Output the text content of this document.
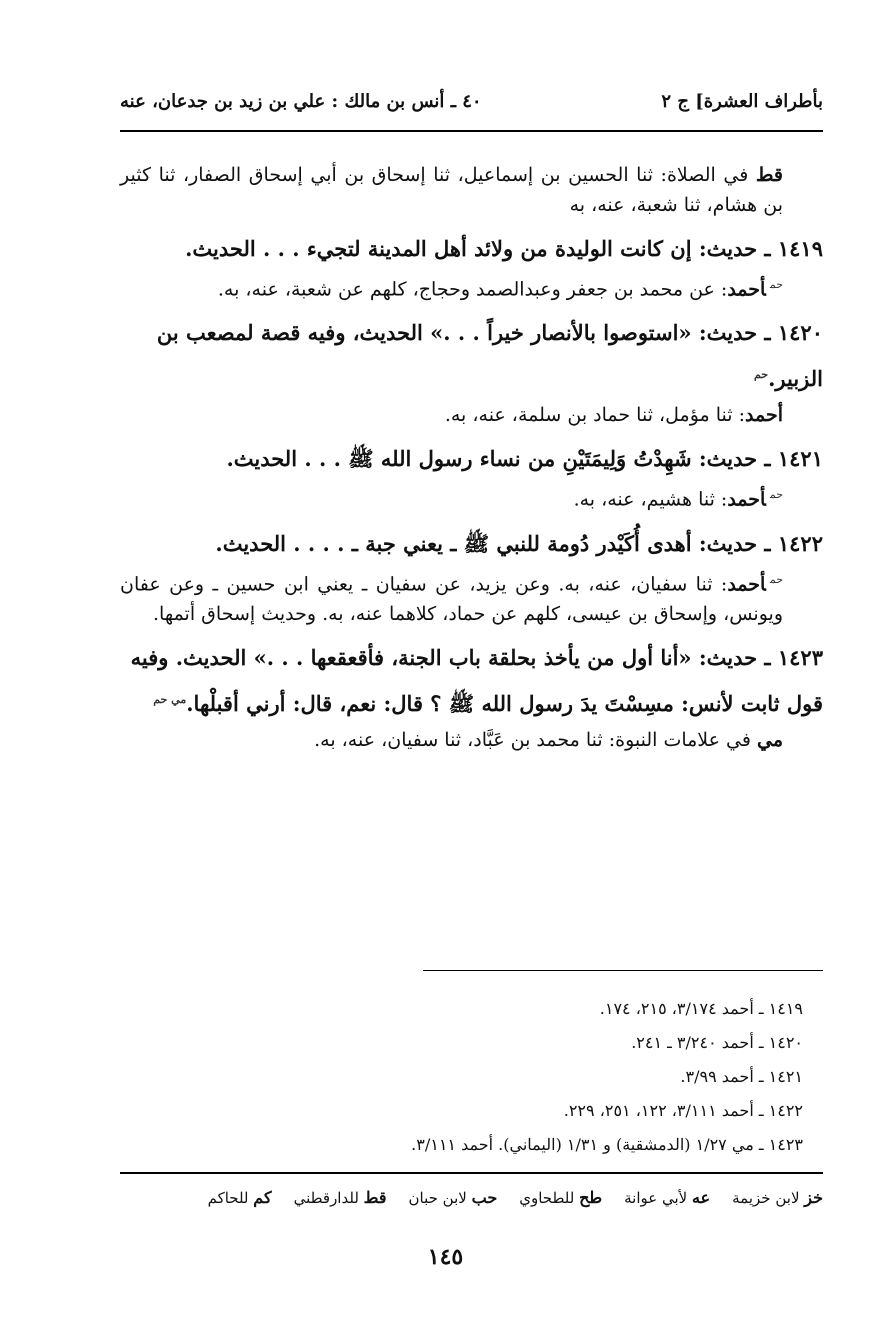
بأطراف العشرة] ج ٢
٤٠ ـ أنس بن مالك : علي بن زيد بن جدعان، عنه

قط في الصلاة: ثنا الحسين بن إسماعيل، ثنا إسحاق بن أبي إسحاق الصفار، ثنا كثير بن هشام، ثنا شعبة، عنه، به

١٤١٩ ـ حديث: إن كانت الوليدة من ولائد أهل المدينة لتجيء . . . الحديث.

$^{حم}$أحمد: عن محمد بن جعفر وعبدالصمد وحجاج، كلهم عن شعبة، عنه، به.

١٤٢٠ ـ حديث: «استوصوا بالأنصار خيراً . . .» الحديث، وفيه قصة لمصعب بن الزبير.$^{حم}$

أحمد: ثنا مؤمل، ثنا حماد بن سلمة، عنه، به.

١٤٢١ ـ حديث: شَهِدْتُ وَلِيمَتَيْنِ من نساء رسول الله ﷺ . . . الحديث.

$^{حم}$أحمد: ثنا هشيم، عنه، به.

١٤٢٢ ـ حديث: أهدى أُكَيْدر دُومة للنبي ﷺ ـ يعني جبة ـ . . . . الحديث.

$^{حم}$أحمد: ثنا سفيان، عنه، به. وعن يزيد، عن سفيان ـ يعني ابن حسين ـ وعن عفان ويونس، وإسحاق بن عيسى، كلهم عن حماد، كلاهما عنه، به. وحديث إسحاق أتمها.

١٤٢٣ ـ حديث: «أنا أول من يأخذ بحلقة باب الجنة، فأقعقعها . . .» الحديث. وفيه قول ثابت لأنس: مسِسْتَ يدَ رسول الله ﷺ ؟ قال: نعم، قال: أرني أقبلْها.$^{مي حم}$

مي في علامات النبوة: ثنا محمد بن عَبَّاد، ثنا سفيان، عنه، به.

١٤١٩ ـ أحمد ٣/١٧٤، ٢١٥، ١٧٤.

١٤٢٠ ـ أحمد ٣/٢٤٠ ـ ٢٤١.

١٤٢١ ـ أحمد ٣/٩٩.

١٤٢٢ ـ أحمد ٣/١١١، ١٢٢، ٢٥١، ٢٢٩.

١٤٢٣ ـ مي ١/٢٧ (الدمشقية) و ١/٣١ (اليماني). أحمد ٣/١١١.

خز لابن خزيمة
عه لأبي عوانة
طح للطحاوي
حب لابن حبان
قط للدارقطني
كم للحاكم
١٤٥
